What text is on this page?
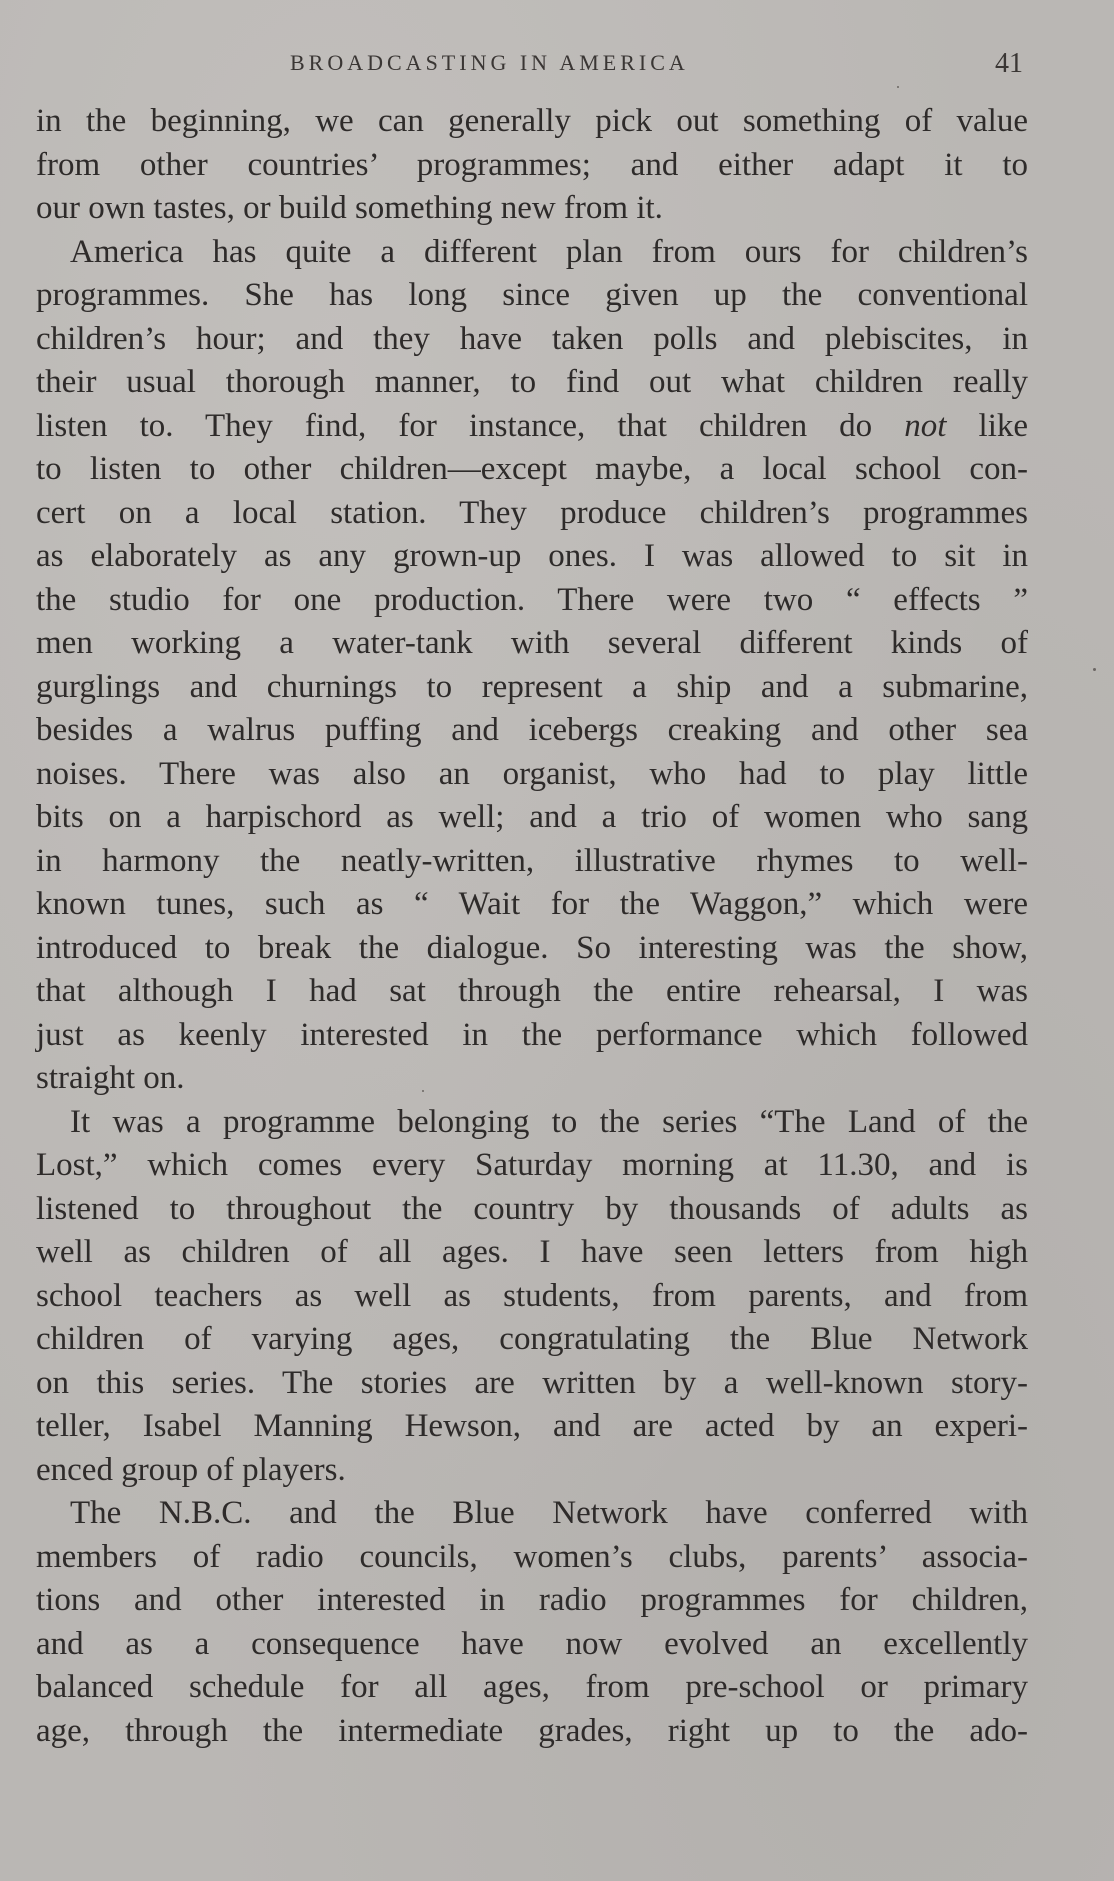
BROADCASTING IN AMERICA	41
in the beginning, we can generally pick out something of value
from other countries’ programmes; and either adapt it to
our own tastes, or build something new from it.
America has quite a different plan from ours for children’s
programmes. She has long since given up the conventional
children’s hour; and they have taken polls and plebiscites, in
their usual thorough manner, to find out what children really
listen to. They find, for instance, that children do not like
to listen to other children—except maybe, a local school con-
cert on a local station. They produce children’s programmes
as elaborately as any grown-up ones. I was allowed to sit in
the studio for one production. There were two “ effects ”
men working a water-tank with several different kinds of
gurglings and churnings to represent a ship and a submarine,
besides a walrus puffing and icebergs creaking and other sea
noises. There was also an organist, who had to play little
bits on a harpischord as well; and a trio of women who sang
in harmony the neatly-written, illustrative rhymes to well-
known tunes, such as “ Wait for the Waggon,” which were
introduced to break the dialogue. So interesting was the show,
that although I had sat through the entire rehearsal, I was
just as keenly interested in the performance which followed
straight on.
It was a programme belonging to the series “The Land of the
Lost,” which comes every Saturday morning at 11.30, and is
listened to throughout the country by thousands of adults as
well as children of all ages. I have seen letters from high
school teachers as well as students, from parents, and from
children of varying ages, congratulating the Blue Network
on this series. The stories are written by a well-known story-
teller, Isabel Manning Hewson, and are acted by an experi-
enced group of players.
The N.B.C. and the Blue Network have conferred with
members of radio councils, women’s clubs, parents’ associa-
tions and other interested in radio programmes for children,
and as a consequence have now evolved an excellently
balanced schedule for all ages, from pre-school or primary
age, through the intermediate grades, right up to the ado-
